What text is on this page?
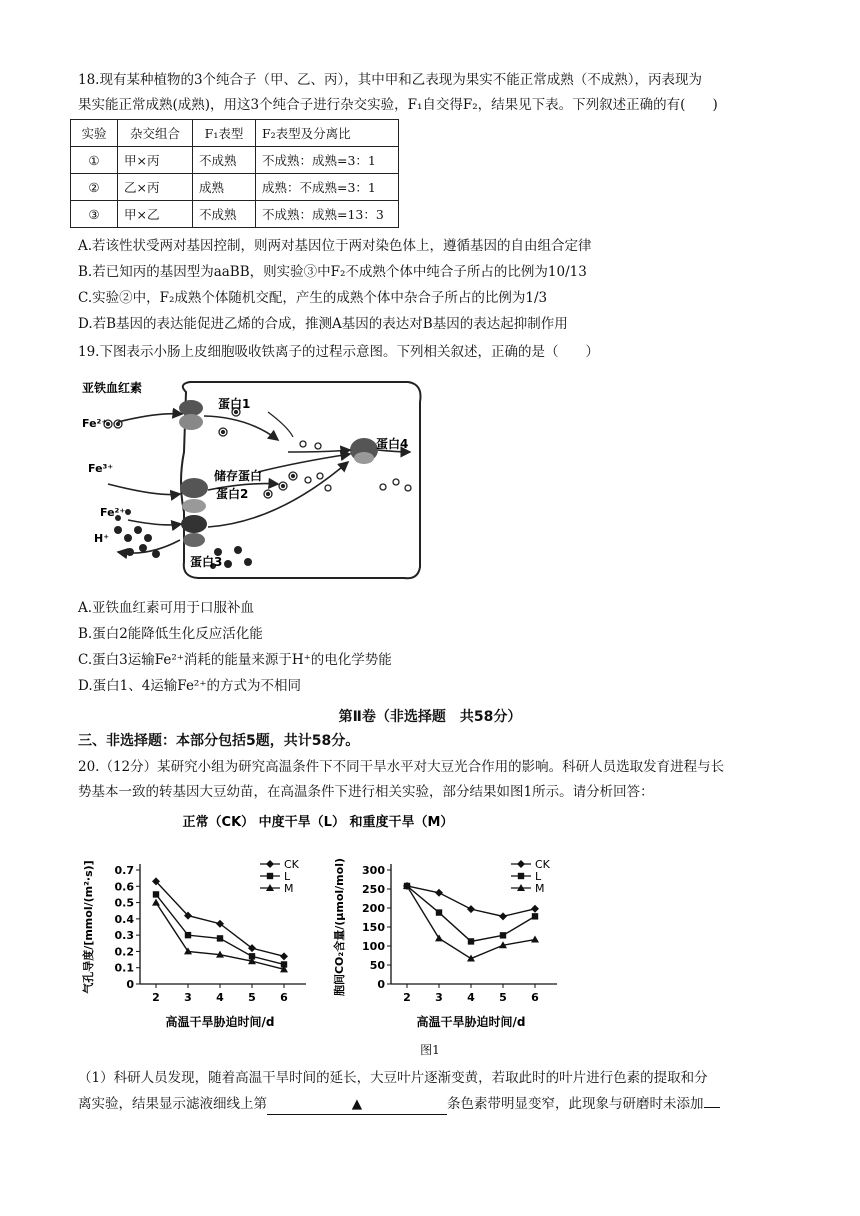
18.现有某种植物的3个纯合子（甲、乙、丙），其中甲和乙表现为果实不能正常成熟（不成熟），丙表现为
果实能正常成熟(成熟)，用这3个纯合子进行杂交实验，F₁自交得F₂，结果见下表。下列叙述正确的有(　　)
实验	杂交组合	F₁表型	F₂表型及分离比
①	甲×丙	不成熟	不成熟：成熟=3：1
②	乙×丙	成熟	成熟：不成熟=3：1
③	甲×乙	不成熟	不成熟：成熟=13：3
A.若该性状受两对基因控制，则两对基因位于两对染色体上，遵循基因的自由组合定律
B.若已知丙的基因型为aaBB，则实验③中F₂不成熟个体中纯合子所占的比例为10/13
C.实验②中，F₂成熟个体随机交配，产生的成熟个体中杂合子所占的比例为1/3
D.若B基因的表达能促进乙烯的合成，推测A基因的表达对B基因的表达起抑制作用
19.下图表示小肠上皮细胞吸收铁离子的过程示意图。下列相关叙述，正确的是（　　）
亚铁血红素
Fe²⁺
Fe³⁺
Fe²⁺
H⁺
蛋白1
储存蛋白
蛋白2
蛋白3
蛋白4
A.亚铁血红素可用于口服补血
B.蛋白2能降低生化反应活化能
C.蛋白3运输Fe²⁺消耗的能量来源于H⁺的电化学势能
D.蛋白1、4运输Fe²⁺的方式为不相同
第Ⅱ卷（非选择题　共58分）
三、非选择题：本部分包括5题，共计58分。
20.（12分）某研究小组为研究高温条件下不同干旱水平对大豆光合作用的影响。科研人员选取发育进程与长
势基本一致的转基因大豆幼苗，在高温条件下进行相关实验，部分结果如图1所示。请分析回答：
正常（CK） 中度干旱（L） 和重度干旱（M）
0
0.1
0.2
0.3
0.4
0.5
0.6
0.7
2 3 4 5 6
高温干旱胁迫时间/d
气孔导度/[mmol/(m²·s)]	CK
L
M
0
50
100
150
200
250
300
2 3 4 5 6
高温干旱胁迫时间/d
胞间CO₂含量/(μmol/mol)	CK
L
M
图1
（1）科研人员发现，随着高温干旱时间的延长，大豆叶片逐渐变黄，若取此时的叶片进行色素的提取和分
离实验，结果显示滤液细线上第	▲	条色素带明显变窄，此现象与研磨时未添加
